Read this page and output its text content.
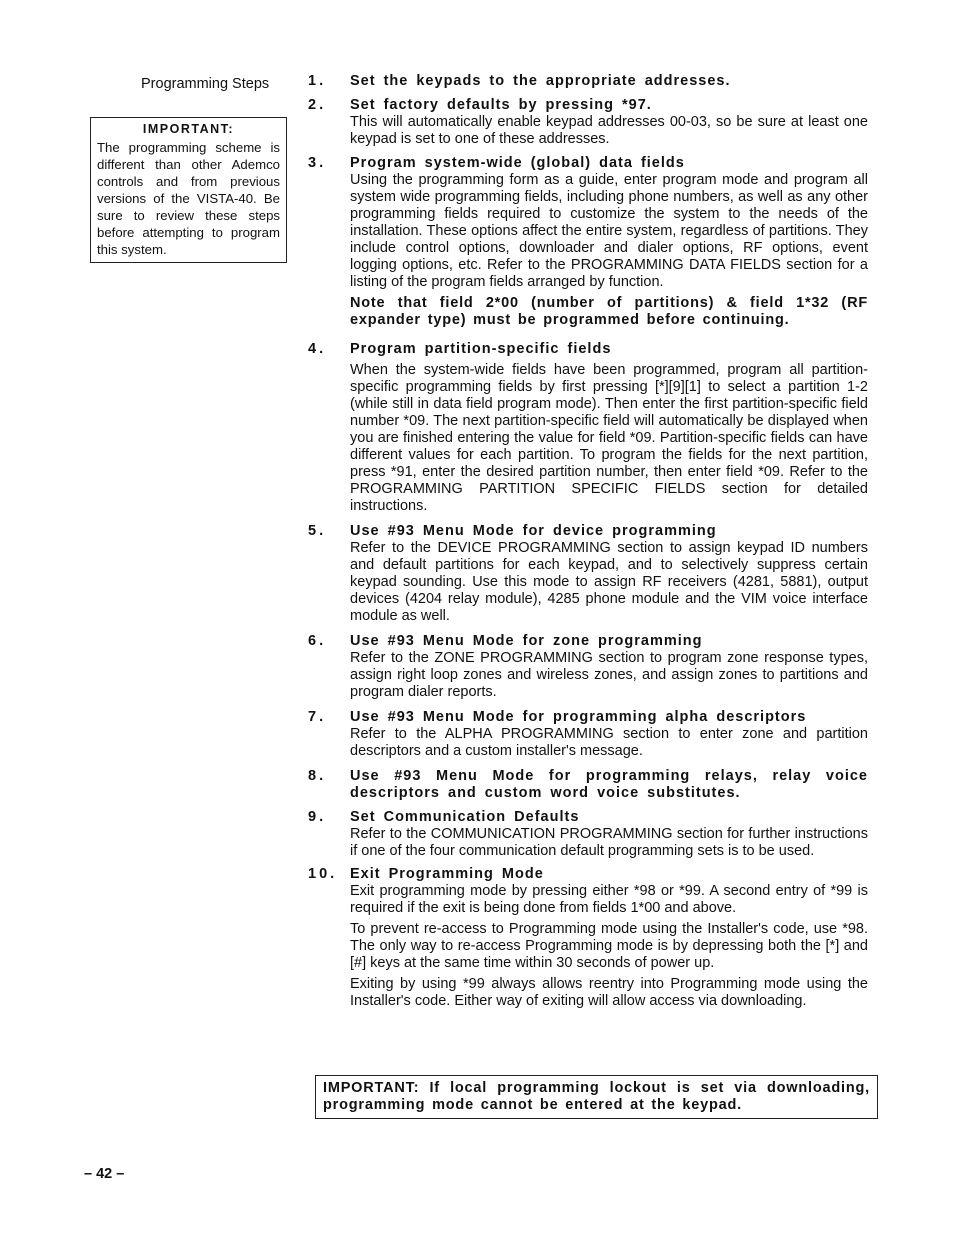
Programming Steps

IMPORTANT:

The programming scheme is different than other Ademco controls and from previous versions of the VISTA-40. Be sure to review these steps before attempting to program this system.

1. Set the keypads to the appropriate addresses.

2. Set factory defaults by pressing *97.

This will automatically enable keypad addresses 00-03, so be sure at least one keypad is set to one of these addresses.

3. Program system-wide (global) data fields

Using the programming form as a guide, enter program mode and program all system wide programming fields, including phone numbers, as well as any other programming fields required to customize the system to the needs of the installation. These options affect the entire system, regardless of partitions. They include control options, downloader and dialer options, RF options, event logging options, etc. Refer to the PROGRAMMING DATA FIELDS section for a listing of the program fields arranged by function.

Note that field 2*00 (number of partitions) & field 1*32 (RF expander type) must be programmed before continuing.

4. Program partition-specific fields

When the system-wide fields have been programmed, program all partition-specific programming fields by first pressing [*][9][1] to select a partition 1-2 (while still in data field program mode). Then enter the first partition-specific field number *09. The next partition-specific field will automatically be displayed when you are finished entering the value for field *09. Partition-specific fields can have different values for each partition. To program the fields for the next partition, press *91, enter the desired partition number, then enter field *09. Refer to the PROGRAMMING PARTITION SPECIFIC FIELDS section for detailed instructions.

5. Use #93 Menu Mode for device programming

Refer to the DEVICE PROGRAMMING section to assign keypad ID numbers and default partitions for each keypad, and to selectively suppress certain keypad sounding. Use this mode to assign RF receivers (4281, 5881), output devices (4204 relay module), 4285 phone module and the VIM voice interface module as well.

6. Use #93 Menu Mode for zone programming

Refer to the ZONE PROGRAMMING section to program zone response types, assign right loop zones and wireless zones, and assign zones to partitions and program dialer reports.

7. Use #93 Menu Mode for programming alpha descriptors

Refer to the ALPHA PROGRAMMING section to enter zone and partition descriptors and a custom installer's message.

8. Use #93 Menu Mode for programming relays, relay voice descriptors and custom word voice substitutes.

9. Set Communication Defaults

Refer to the COMMUNICATION PROGRAMMING section for further instructions if one of the four communication default programming sets is to be used.

10. Exit Programming Mode

Exit programming mode by pressing either *98 or *99. A second entry of *99 is required if the exit is being done from fields 1*00 and above.

To prevent re-access to Programming mode using the Installer's code, use *98. The only way to re-access Programming mode is by depressing both the [*] and [#] keys at the same time within 30 seconds of power up.

Exiting by using *99 always allows reentry into Programming mode using the Installer's code. Either way of exiting will allow access via downloading.

IMPORTANT: If local programming lockout is set via downloading, programming mode cannot be entered at the keypad.
– 42 –
